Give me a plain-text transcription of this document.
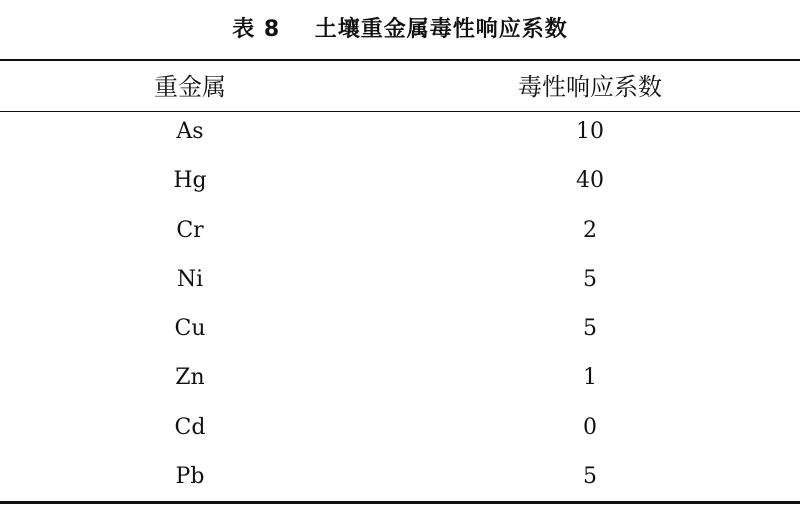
表 8    土壤重金属毒性响应系数
重金属	毒性响应系数
As	10
Hg	40
Cr	2
Ni	5
Cu	5
Zn	1
Cd	0
Pb	5
